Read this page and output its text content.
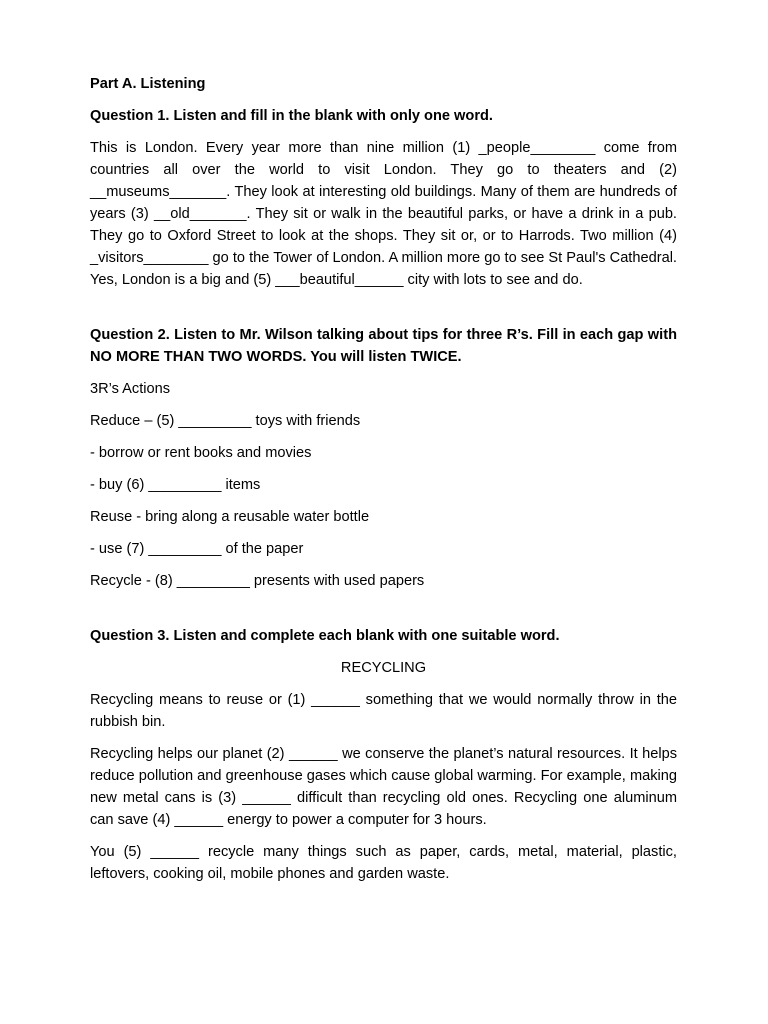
Part A. Listening

Question 1. Listen and fill in the blank with only one word.

This is London. Every year more than nine million (1) _people________ come from countries all over the world to visit London. They go to theaters and (2) __museums_______. They look at interesting old buildings. Many of them are hundreds of years (3) __old_______. They sit or walk in the beautiful parks, or have a drink in a pub. They go to Oxford Street to look at the shops. They sit or, or to Harrods. Two million (4) _visitors________ go to the Tower of London. A million more go to see St Paul's Cathedral. Yes, London is a big and (5) ___beautiful______ city with lots to see and do.

Question 2. Listen to Mr. Wilson talking about tips for three R’s. Fill in each gap with NO MORE THAN TWO WORDS. You will listen TWICE.

3R’s Actions

Reduce – (5) _________ toys with friends

- borrow or rent books and movies

- buy (6) _________ items

Reuse - bring along a reusable water bottle

- use (7) _________ of the paper

Recycle - (8) _________ presents with used papers

Question 3. Listen and complete each blank with one suitable word.

RECYCLING

Recycling means to reuse or (1) ______ something that we would normally throw in the rubbish bin.

Recycling helps our planet (2) ______ we conserve the planet’s natural resources. It helps reduce pollution and greenhouse gases which cause global warming. For example, making new metal cans is (3) ______ difficult than recycling old ones. Recycling one aluminum can save (4) ______ energy to power a computer for 3 hours.

You (5) ______ recycle many things such as paper, cards, metal, material, plastic, leftovers, cooking oil, mobile phones and garden waste.
